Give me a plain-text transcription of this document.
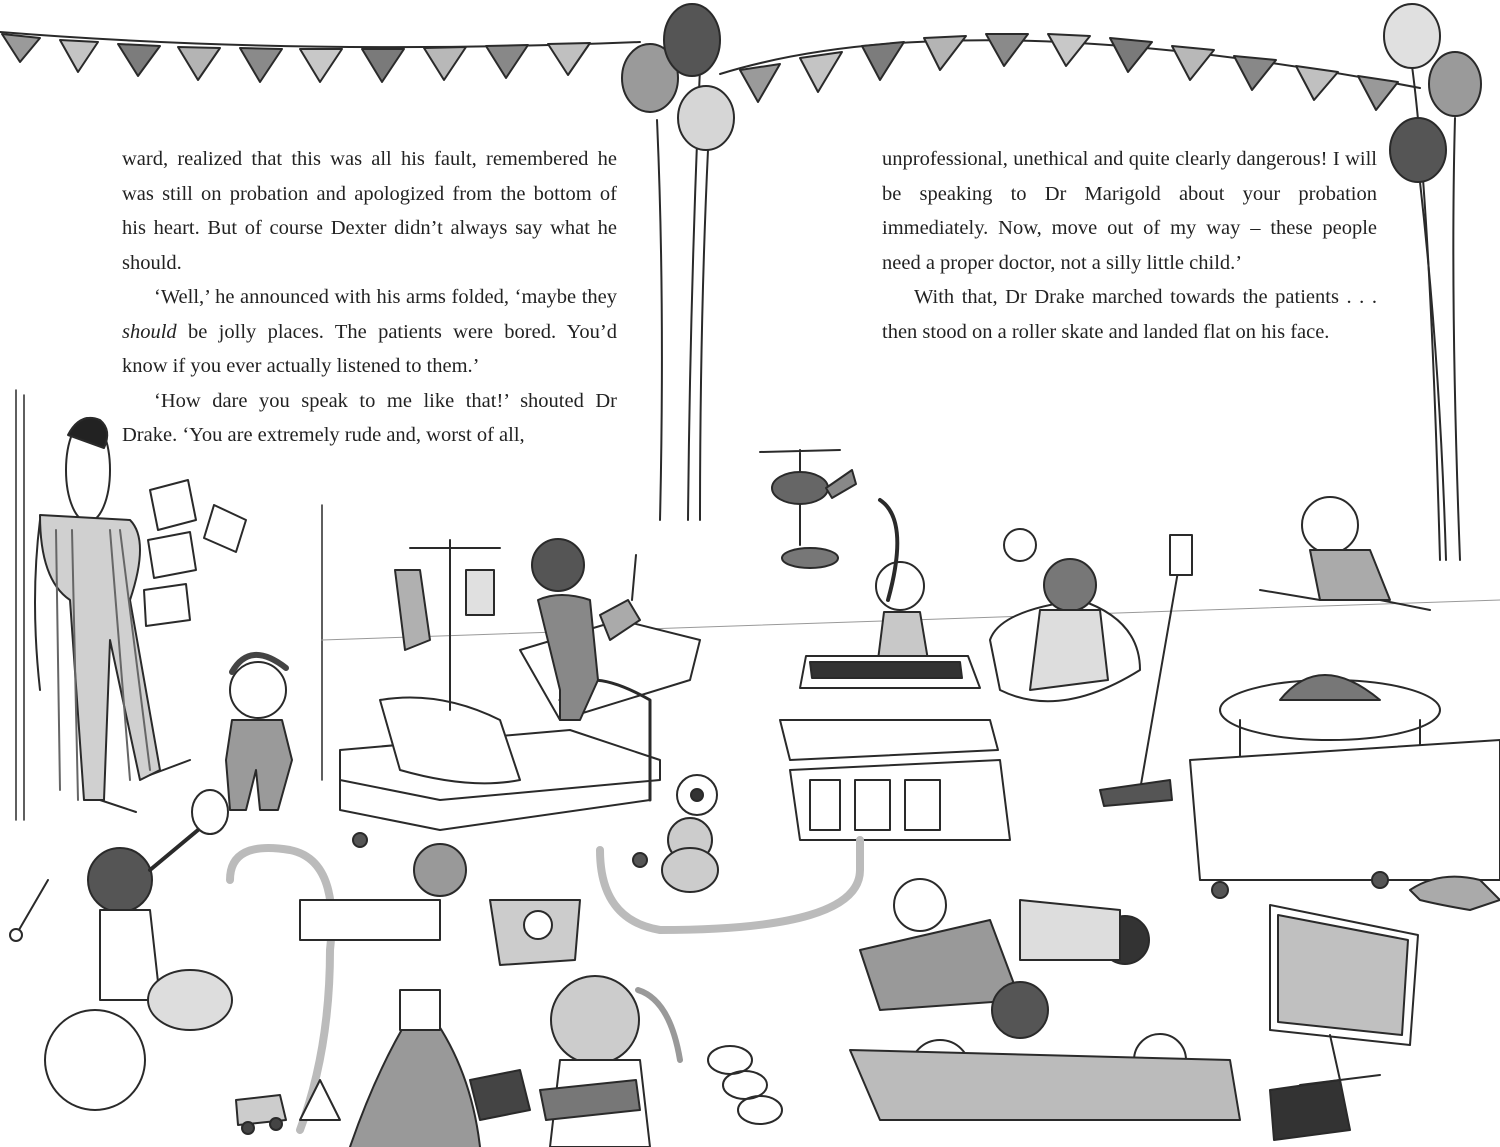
ward, realized that this was all his fault, remembered he was still on probation and apologized from the bottom of his heart. But of course Dexter didn’t always say what he should.

‘Well,’ he announced with his arms folded, ‘maybe they should be jolly places. The patients were bored. You’d know if you ever actually listened to them.’

‘How dare you speak to me like that!’ shouted Dr Drake. ‘You are extremely rude and, worst of all,

unprofessional, unethical and quite clearly dangerous! I will be speaking to Dr Marigold about your probation immediately. Now, move out of my way – these people need a proper doctor, not a silly little child.’

With that, Dr Drake marched towards the patients . . . then stood on a roller skate and landed flat on his face.
